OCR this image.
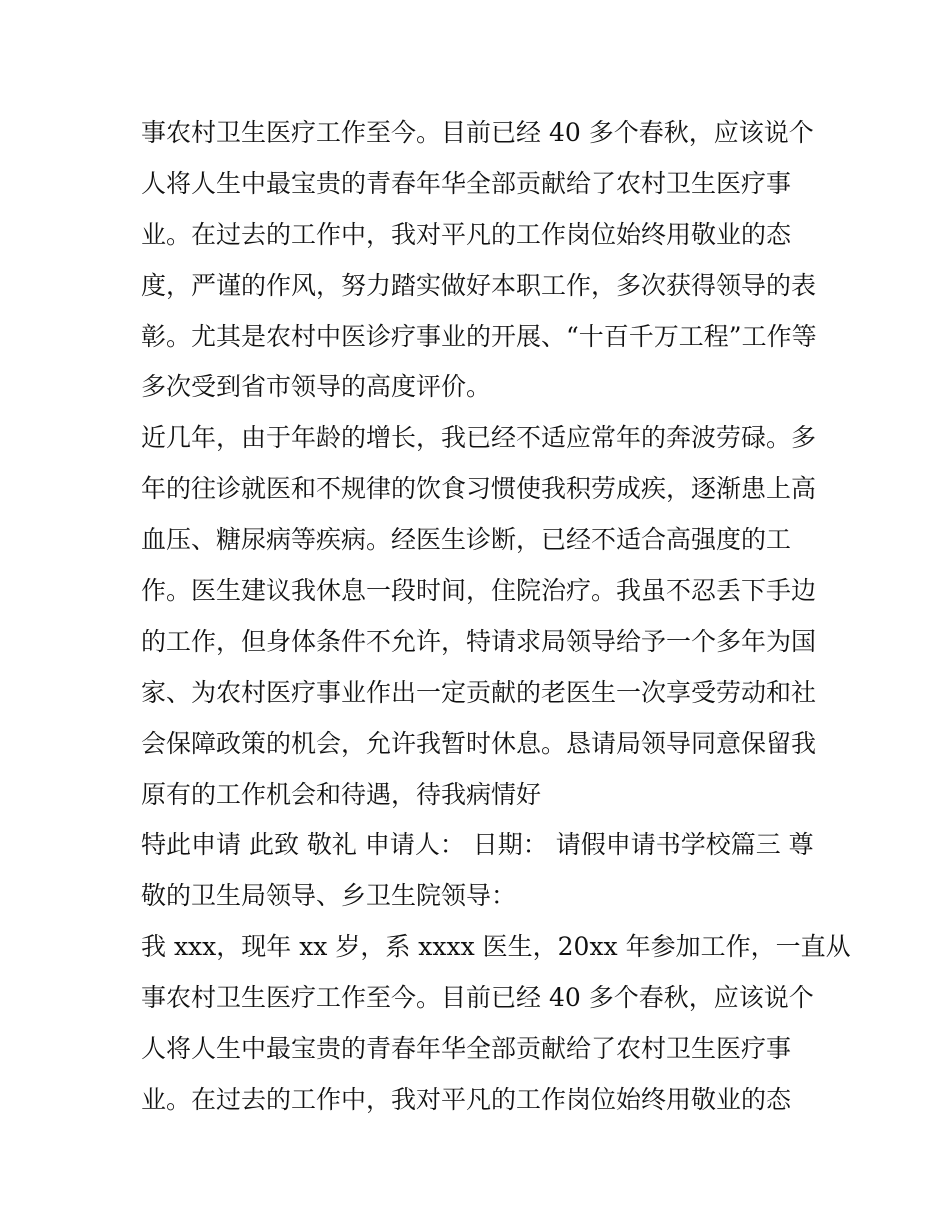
事农村卫生医疗工作至今。目前已经 40 多个春秋，应该说个

人将人生中最宝贵的青春年华全部贡献给了农村卫生医疗事

业。在过去的工作中，我对平凡的工作岗位始终用敬业的态

度，严谨的作风，努力踏实做好本职工作，多次获得领导的表

彰。尤其是农村中医诊疗事业的开展、“十百千万工程”工作等

多次受到省市领导的高度评价。

近几年，由于年龄的增长，我已经不适应常年的奔波劳碌。多

年的往诊就医和不规律的饮食习惯使我积劳成疾，逐渐患上高

血压、糖尿病等疾病。经医生诊断，已经不适合高强度的工

作。医生建议我休息一段时间，住院治疗。我虽不忍丢下手边

的工作，但身体条件不允许，特请求局领导给予一个多年为国

家、为农村医疗事业作出一定贡献的老医生一次享受劳动和社

会保障政策的机会，允许我暂时休息。恳请局领导同意保留我

原有的工作机会和待遇，待我病情好

特此申请 此致 敬礼 申请人： 日期： 请假申请书学校篇三 尊

敬的卫生局领导、乡卫生院领导：

我 xxx，现年 xx 岁，系 xxxx 医生，20xx 年参加工作，一直从

事农村卫生医疗工作至今。目前已经 40 多个春秋，应该说个

人将人生中最宝贵的青春年华全部贡献给了农村卫生医疗事

业。在过去的工作中，我对平凡的工作岗位始终用敬业的态
